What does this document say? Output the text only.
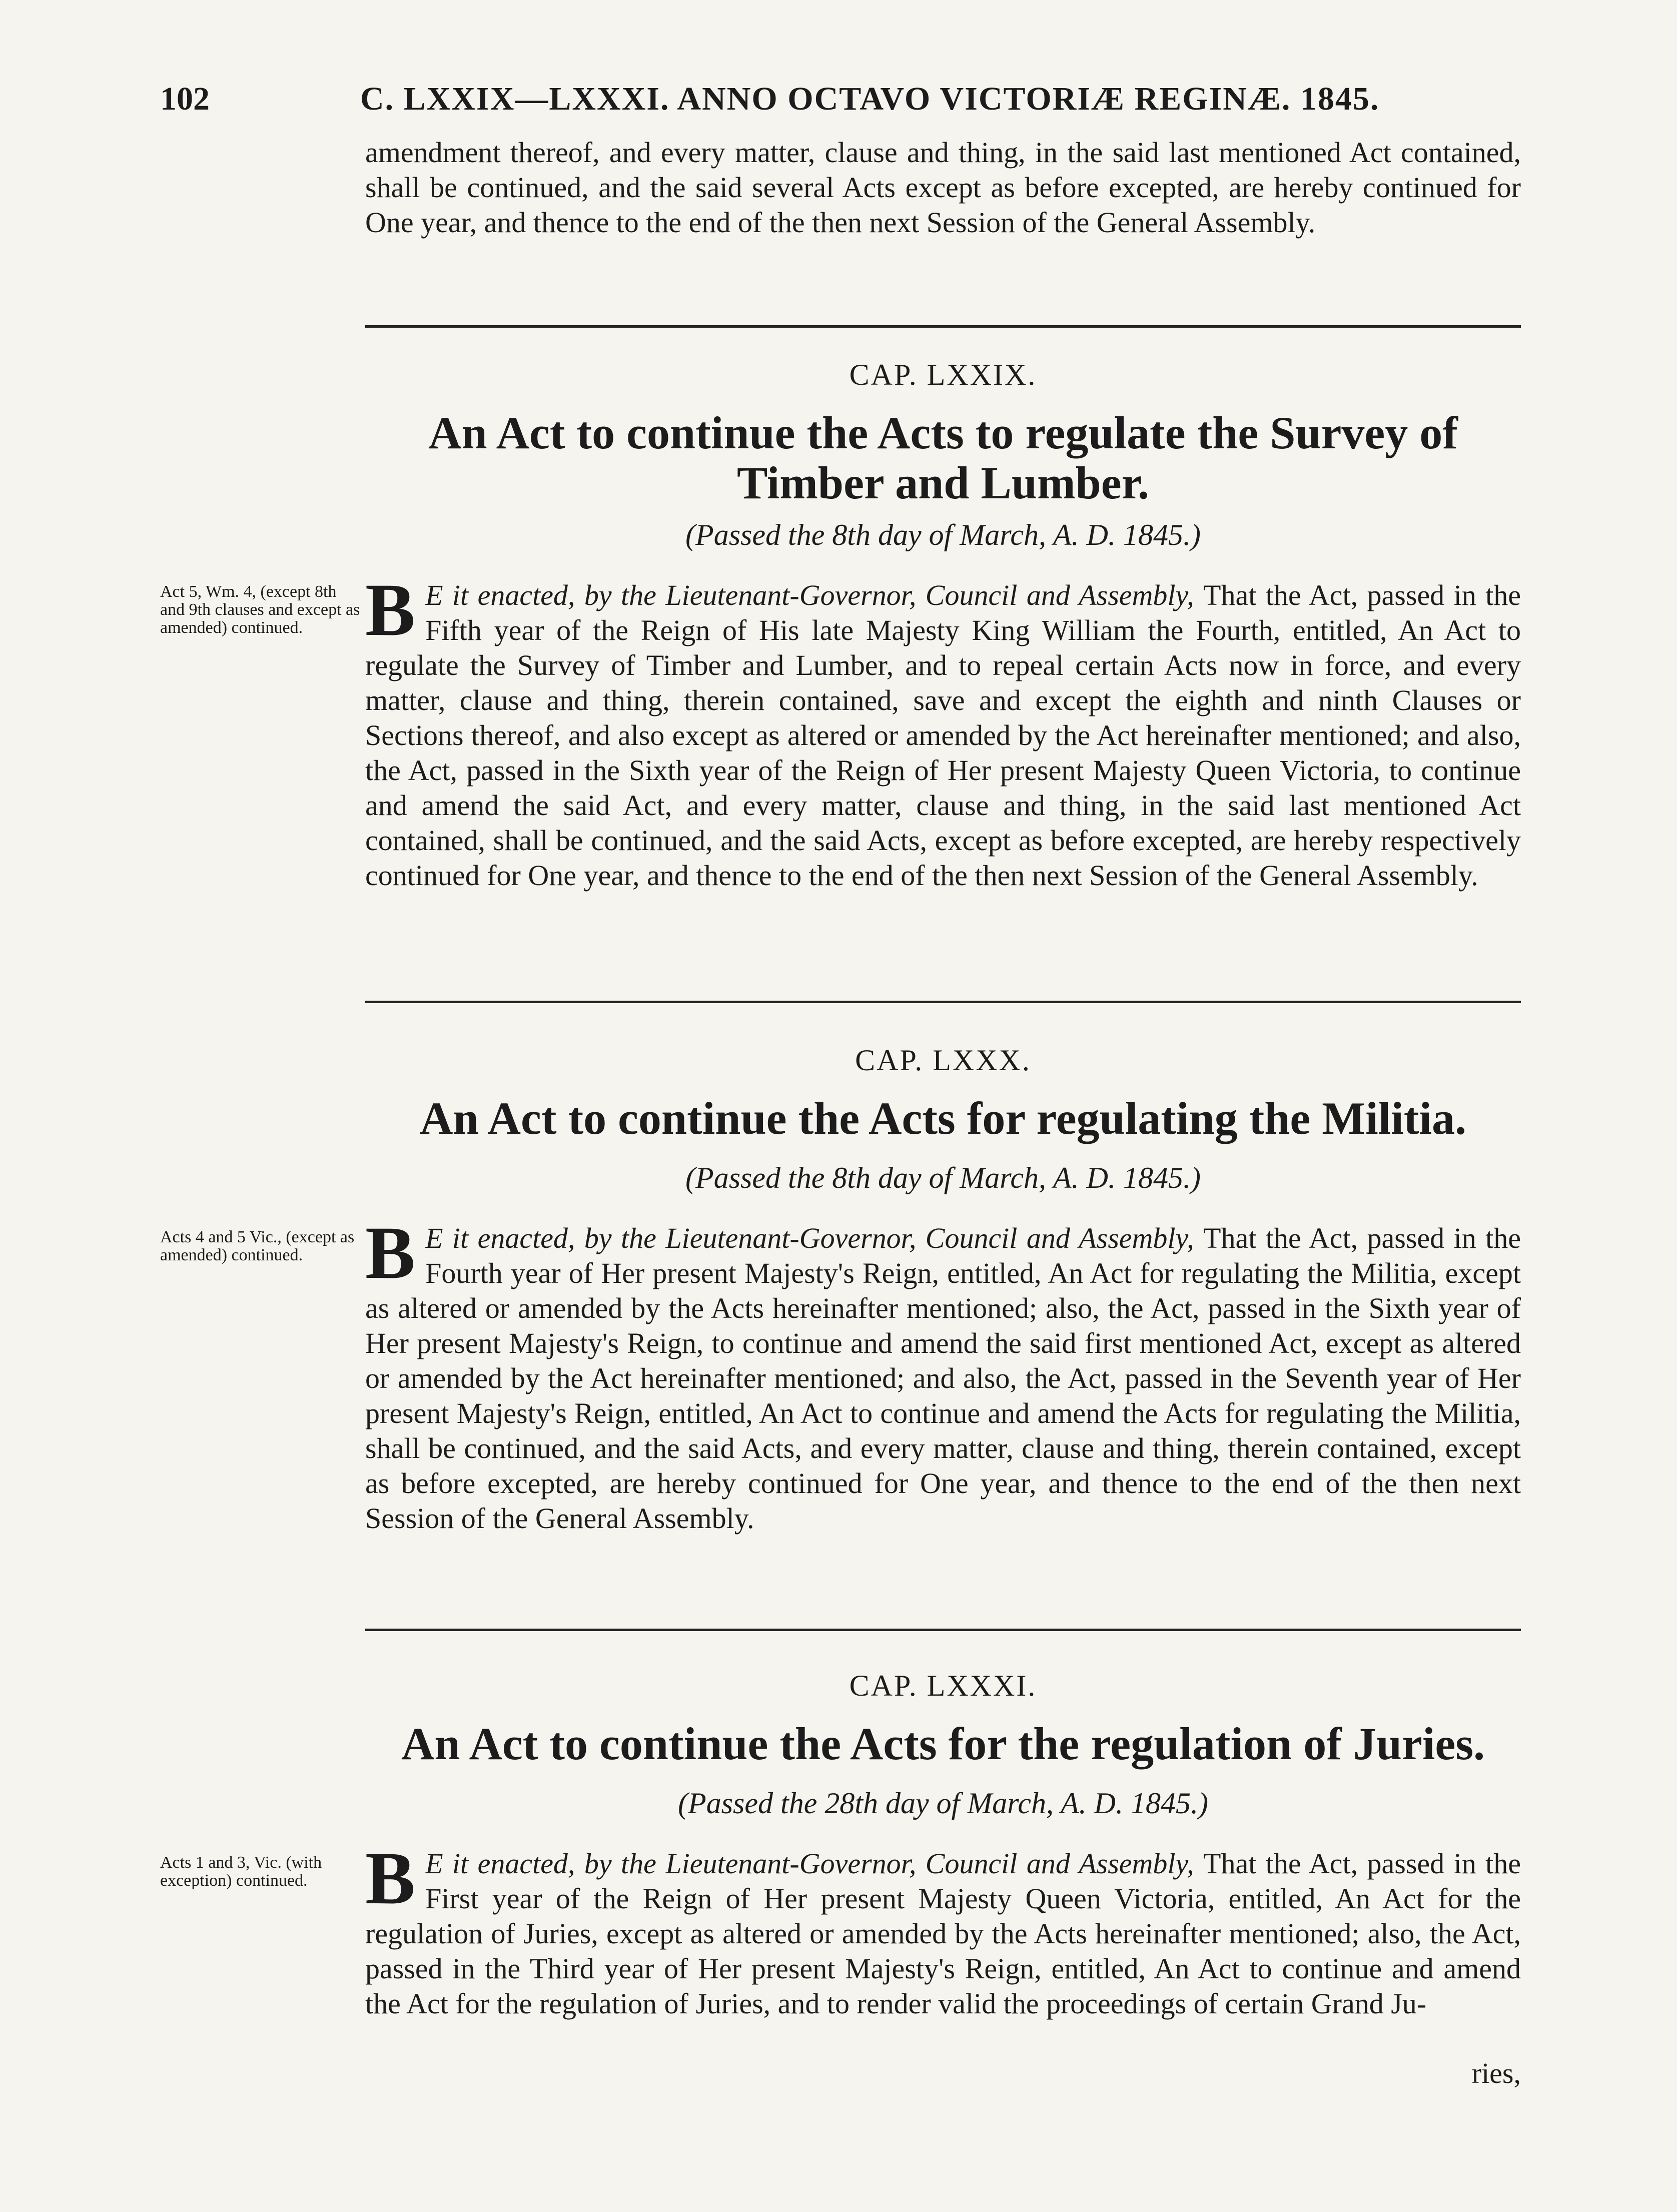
102	C. LXXIX—LXXXI. ANNO OCTAVO VICTORIÆ REGINÆ. 1845.
amendment thereof, and every matter, clause and thing, in the said last mentioned Act contained, shall be continued, and the said several Acts except as before excepted, are hereby continued for One year, and thence to the end of the then next Session of the General Assembly.
CAP. LXXIX.
An Act to continue the Acts to regulate the Survey of Timber and Lumber.
(Passed the 8th day of March, A. D. 1845.)
Act 5, Wm. 4, (except 8th and 9th clauses and except as amended) continued. B E it enacted, by the Lieutenant-Governor, Council and Assembly, That the Act, passed in the Fifth year of the Reign of His late Majesty King William the Fourth, entitled, An Act to regulate the Survey of Timber and Lumber, and to repeal certain Acts now in force, and every matter, clause and thing, therein contained, save and except the eighth and ninth Clauses or Sections thereof, and also except as altered or amended by the Act hereinafter mentioned; and also, the Act, passed in the Sixth year of the Reign of Her present Majesty Queen Victoria, to continue and amend the said Act, and every matter, clause and thing, in the said last mentioned Act contained, shall be continued, and the said Acts, except as before excepted, are hereby respectively continued for One year, and thence to the end of the then next Session of the General Assembly.
CAP. LXXX.
An Act to continue the Acts for regulating the Militia.
(Passed the 8th day of March, A. D. 1845.)
Acts 4 and 5 Vic., (except as amended) continued. B E it enacted, by the Lieutenant-Governor, Council and Assembly, That the Act, passed in the Fourth year of Her present Majesty's Reign, entitled, An Act for regulating the Militia, except as altered or amended by the Acts hereinafter mentioned; also, the Act, passed in the Sixth year of Her present Majesty's Reign, to continue and amend the said first mentioned Act, except as altered or amended by the Act hereinafter mentioned; and also, the Act, passed in the Seventh year of Her present Majesty's Reign, entitled, An Act to continue and amend the Acts for regulating the Militia, shall be continued, and the said Acts, and every matter, clause and thing, therein contained, except as before excepted, are hereby continued for One year, and thence to the end of the then next Session of the General Assembly.
CAP. LXXXI.
An Act to continue the Acts for the regulation of Juries.
(Passed the 28th day of March, A. D. 1845.)
Acts 1 and 3, Vic. (with exception) continued. B E it enacted, by the Lieutenant-Governor, Council and Assembly, That the Act, passed in the First year of the Reign of Her present Majesty Queen Victoria, entitled, An Act for the regulation of Juries, except as altered or amended by the Acts hereinafter mentioned; also, the Act, passed in the Third year of Her present Majesty's Reign, entitled, An Act to continue and amend the Act for the regulation of Juries, and to render valid the proceedings of certain Grand Ju-
ries,
